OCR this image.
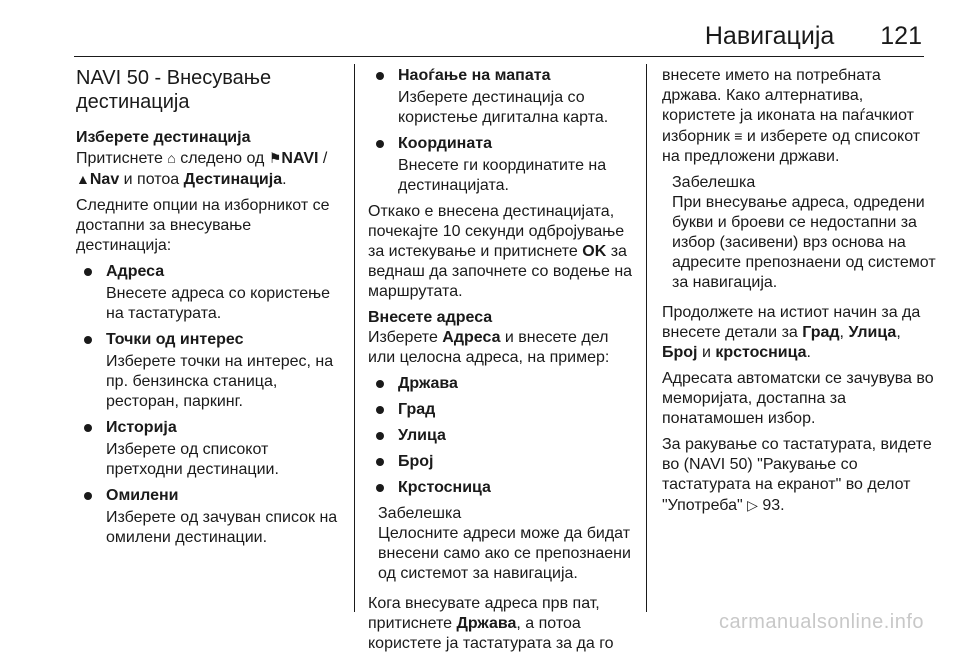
Навигација 121
NAVI 50 - Внесување дестинација
Изберете дестинација

Притиснете ⌂ следено од ⚑NAVI /
▲Nav и потоа Дестинација.

Следните опции на изборникот се достапни за внесување дестинација:

Адреса
Внесете адреса со користење на тастатурата.
Точки од интерес
Изберете точки на интерес, на пр. бензинска станица, ресторан, паркинг.
Историја
Изберете од списокот претходни дестинации.
Омилени
Изберете од зачуван список на омилени дестинации.
Наоѓање на мапата
Изберете дестинација со користење дигитална карта.
Координата
Внесете ги координатите на дестинацијата.

Откако е внесена дестинацијата, почекајте 10 секунди одбројување за истекување и притиснете OK за веднаш да започнете со водење на маршрутата.

Внесете адреса

Изберете Адреса и внесете дел или целосна адреса, на пример:

Држава
Град
Улица
Број
Крстосница
Забелешка
Целосните адреси може да бидат внесени само ако се препознаени од системот за навигација.

Кога внесувате адреса прв пат, притиснете Држава, а потоа користете ја тастатурата за да го

внесете името на потребната држава. Како алтернатива, користете ја иконата на паѓачкиот изборник ≡ и изберете од списокот на предложени држави.

Забелешка
При внесување адреса, одредени букви и броеви се недостапни за избор (засивени) врз основа на адресите препознаени од системот за навигација.

Продолжете на истиот начин за да внесете детали за Град, Улица, Број и крстосница.

Адресата автоматски се зачувува во меморијата, достапна за понатамошен избор.

За ракување со тастатурата, видете во (NAVI 50) "Ракување со тастатурата на екранот" во делот "Употреба" ▷ 93.

carmanualsonline.info
